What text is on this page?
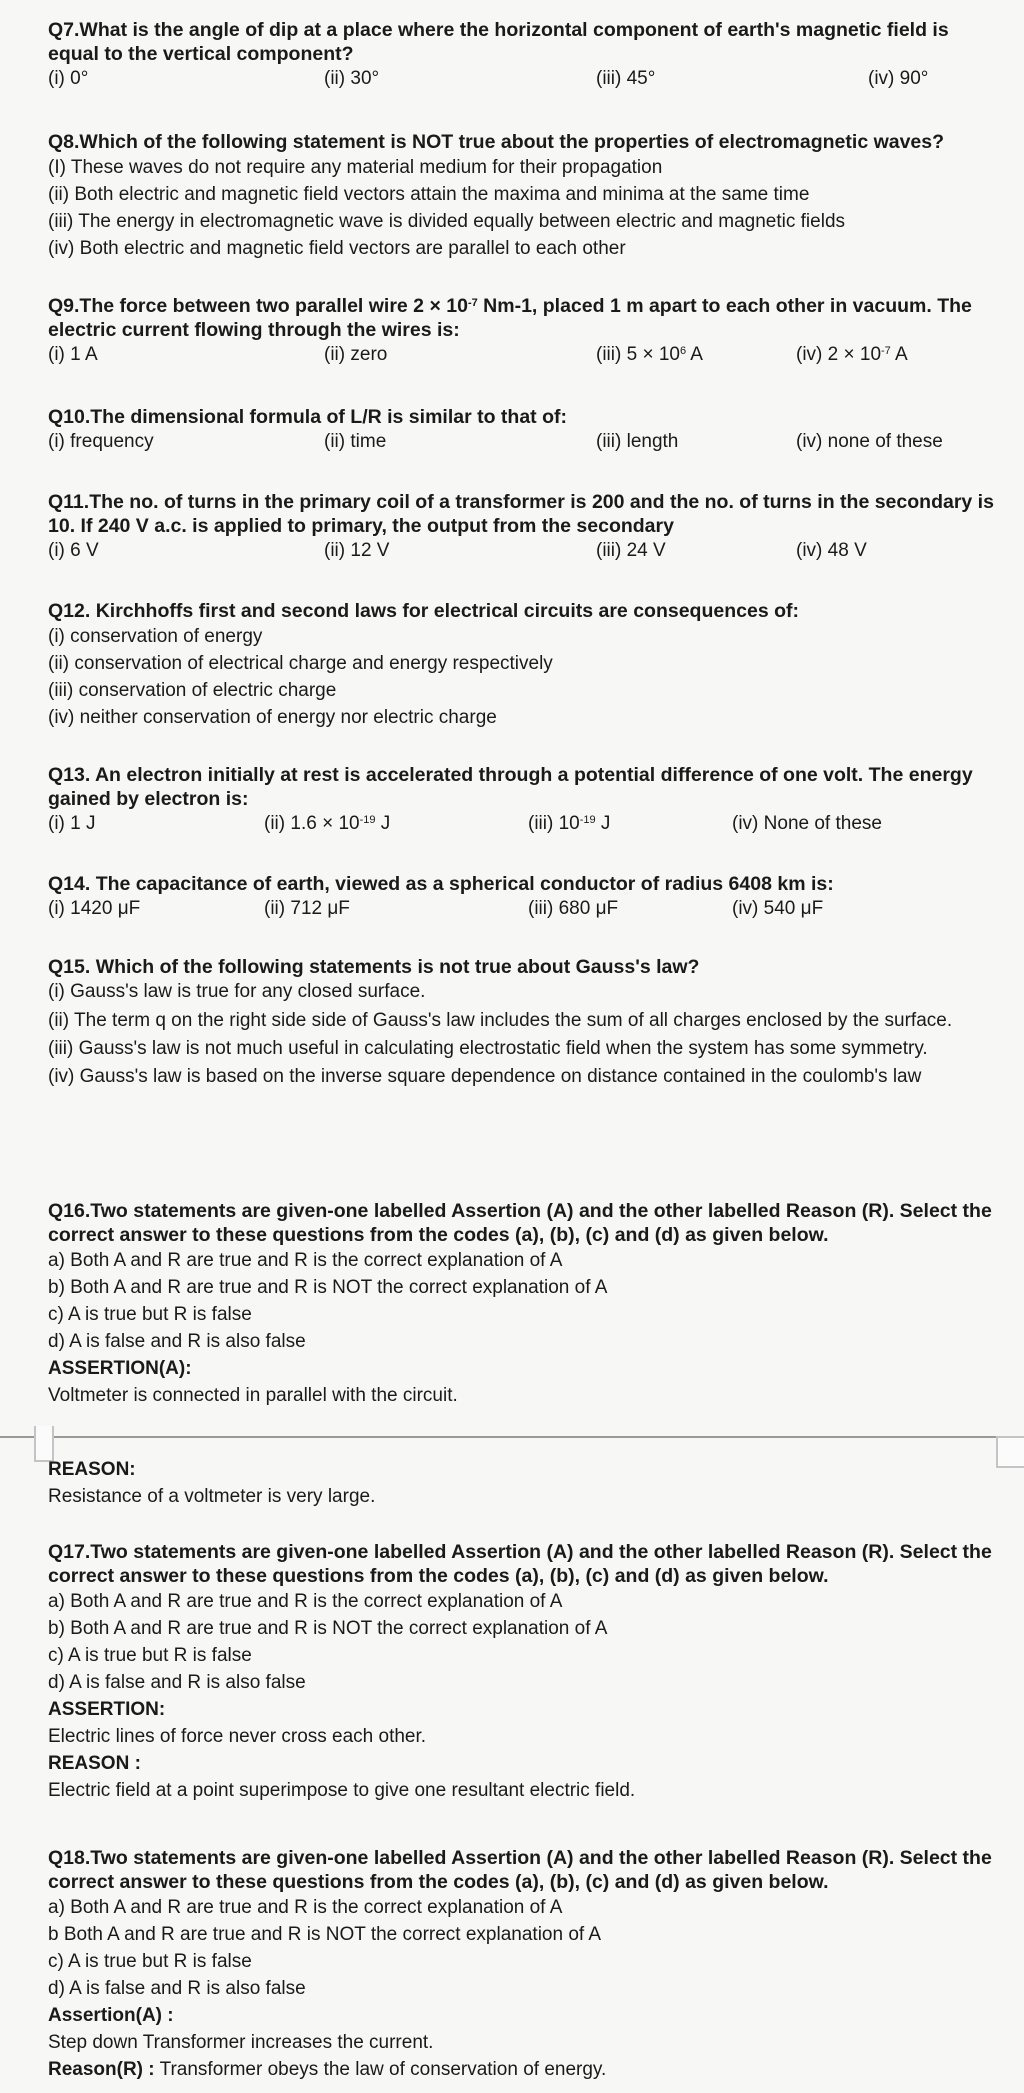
Q7.What is the angle of dip at a place where the horizontal component of earth's magnetic field is equal to the vertical component?
(i) 0°	(ii) 30°	(iii) 45°	(iv) 90°
Q8.Which of the following statement is NOT true about the properties of electromagnetic waves?
(I) These waves do not require any material medium for their propagation
(ii) Both electric and magnetic field vectors attain the maxima and minima at the same time
(iii) The energy in electromagnetic wave is divided equally between electric and magnetic fields
(iv) Both electric and magnetic field vectors are parallel to each other
Q9.The force between two parallel wire $2 \times 10^{-7}$ Nm-1, placed 1 m apart to each other in vacuum. The electric current flowing through the wires is:
(i) 1 A	(ii) zero	(iii) $5 \times 10^6$ A	(iv) $2 \times 10^{-7}$ A
Q10.The dimensional formula of L/R is similar to that of:
(i) frequency	(ii) time	(iii) length	(iv) none of these
Q11.The no. of turns in the primary coil of a transformer is 200 and the no. of turns in the secondary is 10. If 240 V a.c. is applied to primary, the output from the secondary
(i) 6 V	(ii) 12 V	(iii) 24 V	(iv) 48 V
Q12. Kirchhoffs first and second laws for electrical circuits are consequences of:
(i) conservation of energy
(ii) conservation of electrical charge and energy respectively
(iii) conservation of electric charge
(iv) neither conservation of energy nor electric charge
Q13. An electron initially at rest is accelerated through a potential difference of one volt. The energy gained by electron is:
(i) 1 J	(ii) $1.6 \times 10^{-19}$ J	(iii) $10^{-19}$ J	(iv) None of these
Q14. The capacitance of earth, viewed as a spherical conductor of radius 6408 km is:
(i) 1420 μF	(ii) 712 μF	(iii) 680 μF	(iv) 540 μF
Q15. Which of the following statements is not true about Gauss's law?
(i) Gauss's law is true for any closed surface.
(ii) The term q on the right side side of Gauss's law includes the sum of all charges enclosed by the surface.
(iii) Gauss's law is not much useful in calculating electrostatic field when the system has some symmetry.
(iv) Gauss's law is based on the inverse square dependence on distance contained in the coulomb's law
Q16.Two statements are given-one labelled Assertion (A) and the other labelled Reason (R). Select the correct answer to these questions from the codes (a), (b), (c) and (d) as given below.
a) Both A and R are true and R is the correct explanation of A
b) Both A and R are true and R is NOT the correct explanation of A
c) A is true but R is false
d) A is false and R is also false
ASSERTION(A):
Voltmeter is connected in parallel with the circuit.
REASON:
Resistance of a voltmeter is very large.
Q17.Two statements are given-one labelled Assertion (A) and the other labelled Reason (R). Select the correct answer to these questions from the codes (a), (b), (c) and (d) as given below.
a) Both A and R are true and R is the correct explanation of A
b) Both A and R are true and R is NOT the correct explanation of A
c) A is true but R is false
d) A is false and R is also false
ASSERTION:
Electric lines of force never cross each other.
REASON :
Electric field at a point superimpose to give one resultant electric field.
Q18.Two statements are given-one labelled Assertion (A) and the other labelled Reason (R). Select the correct answer to these questions from the codes (a), (b), (c) and (d) as given below.
a) Both A and R are true and R is the correct explanation of A
b Both A and R are true and R is NOT the correct explanation of A
c) A is true but R is false
d) A is false and R is also false
Assertion(A) :
Step down Transformer increases the current.
Reason(R) : Transformer obeys the law of conservation of energy.
